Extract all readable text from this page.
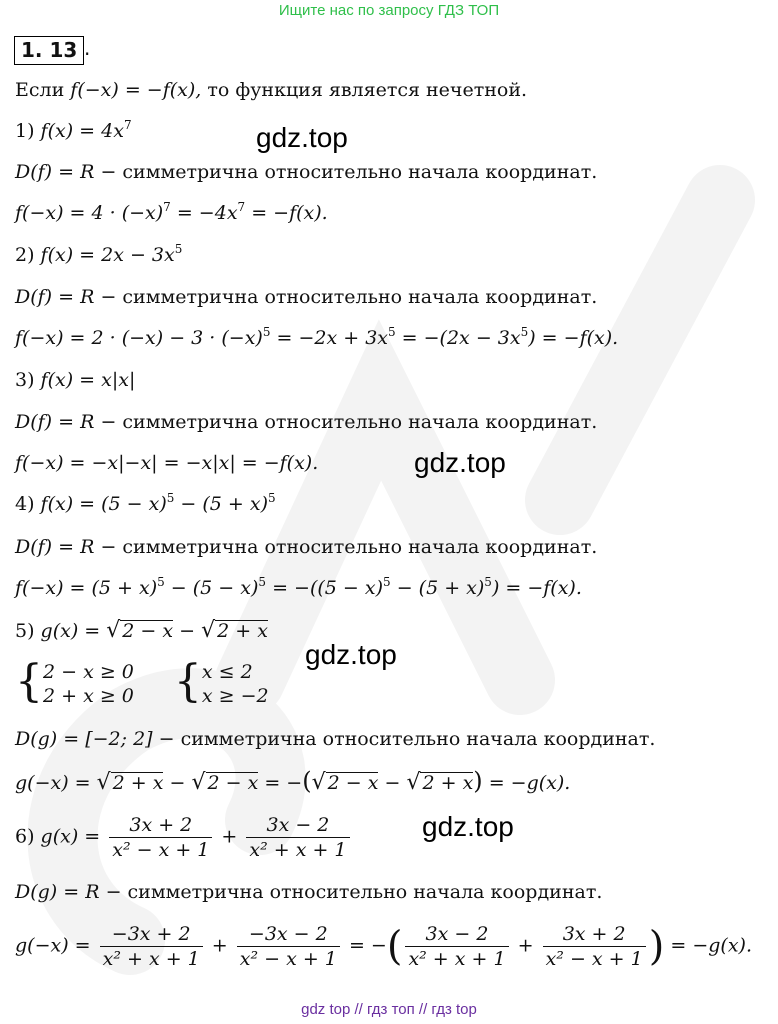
Ищите нас по запросу ГДЗ ТОП
1. 13 .
gdz.top
gdz.top
gdz.top
gdz.top
Если f(−x) = −f(x), то функция является нечетной.
1) $f(x) = 4x^7$
D(f) = R − симметрична относительно начала координат.
$f(-x) = 4 \cdot (-x)^7 = -4x^7 = -f(x)$.
2) $f(x) = 2x - 3x^5$
D(f) = R − симметрична относительно начала координат.
$f(-x) = 2 \cdot (-x) - 3 \cdot (-x)^5 = -2x + 3x^5 = -(2x - 3x^5) = -f(x)$.
3) f(x) = x|x|
D(f) = R − симметрична относительно начала координат.
f(−x) = −x|−x| = −x|x| = −f(x).
4) $f(x) = (5 - x)^5 - (5 + x)^5$
D(f) = R − симметрична относительно начала координат.
$f(-x) = (5 + x)^5 - (5 - x)^5 = -((5 - x)^5 - (5 + x)^5) = -f(x)$.
5) g(x) = √ 2 − x − √ 2 + x
{ 2 − x ≥ 0
2 + x ≥ 0 { x ≤ 2
x ≥ −2
D(g) = [−2; 2] − симметрична относительно начала координат.
g(−x) = √ 2 + x − √ 2 − x = −(√ 2 − x − √ 2 + x) = −g(x).
6) $g(x) = \frac{3x + 2}{\text{x² − x + 1}} + \frac{3x - 2}{\text{x² + x + 1}}$
D(g) = R − симметрична относительно начала координат.
$g(-x) = \frac{-3x + 2}{\text{x² + x + 1}} + \frac{-3x - 2}{\text{x² − x + 1}}$ = −( $\frac{3x - 2}{\text{x² + x + 1}} + \frac{3x + 2}{\text{x² − x + 1}}$ ) = −g(x).
gdz top // гдз топ // гдз top
